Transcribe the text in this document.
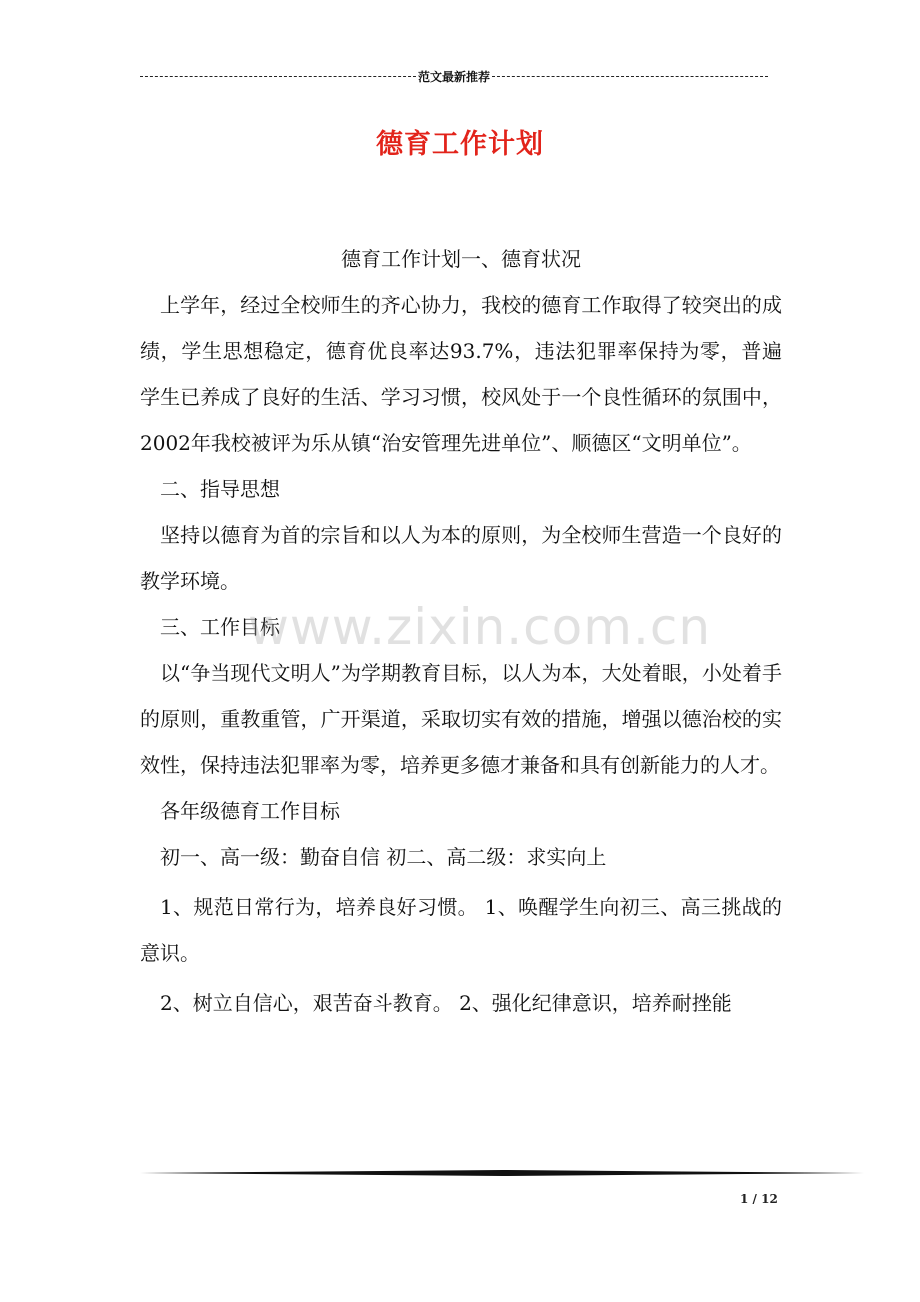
范文最新推荐
德育工作计划

德育工作计划一、德育状况

上学年，经过全校师生的齐心协力，我校的德育工作取得了较突出的成绩，学生思想稳定，德育优良率达93.7%，违法犯罪率保持为零，普遍学生已养成了良好的生活、学习习惯，校风处于一个良性循环的氛围中，2002年我校被评为乐从镇“治安管理先进单位”、顺德区“文明单位”。

二、指导思想

坚持以德育为首的宗旨和以人为本的原则，为全校师生营造一个良好的教学环境。

三、工作目标

以“争当现代文明人”为学期教育目标，以人为本，大处着眼，小处着手的原则，重教重管，广开渠道，采取切实有效的措施，增强以德治校的实效性，保持违法犯罪率为零，培养更多德才兼备和具有创新能力的人才。

各年级德育工作目标

初一、高一级：勤奋自信 初二、高二级：求实向上

1、规范日常行为，培养良好习惯。 1、唤醒学生向初三、高三挑战的意识。

2、树立自信心，艰苦奋斗教育。 2、强化纪律意识，培养耐挫能

www.zixin.com.cn
1 / 12
